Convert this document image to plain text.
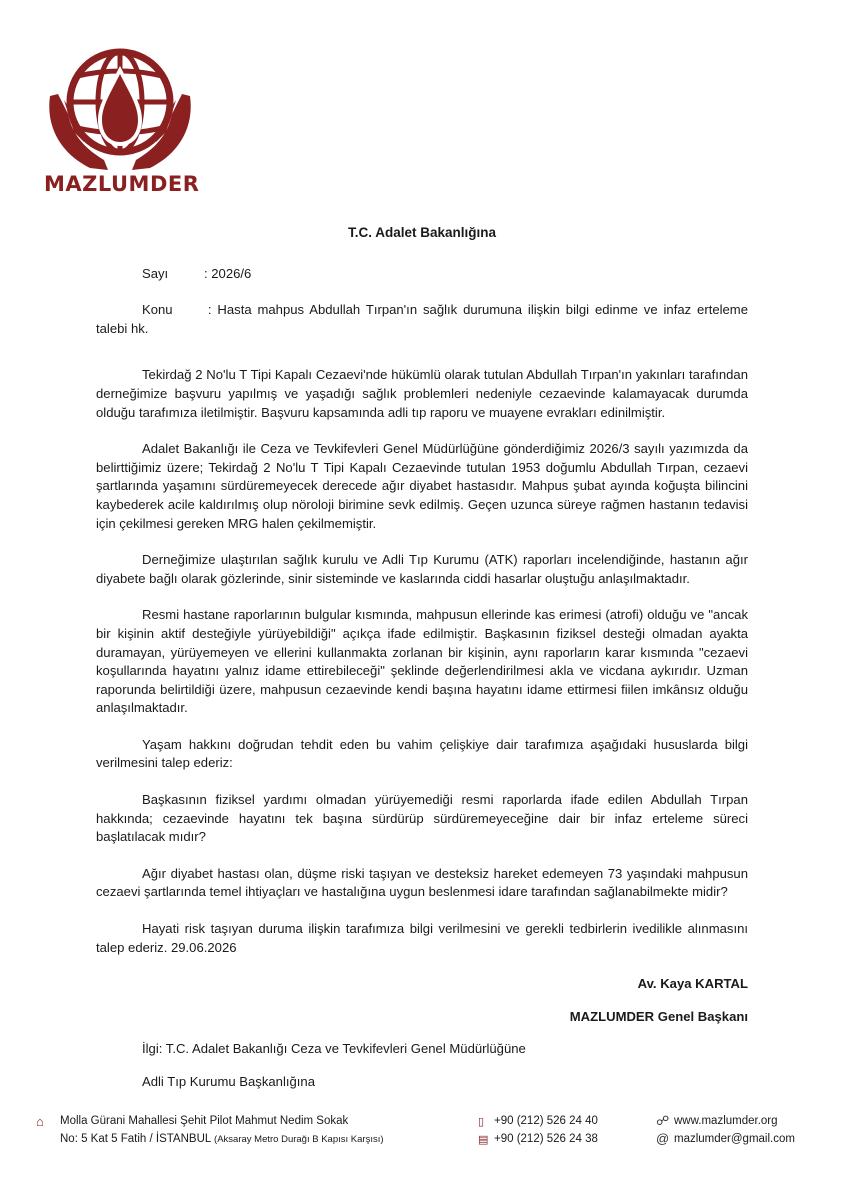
MAZLUMDER
T.C. Adalet Bakanlığına
Sayı	: 2026/6

Konu	: Hasta mahpus Abdullah Tırpan'ın sağlık durumuna ilişkin bilgi edinme ve infaz erteleme talebi hk.

Tekirdağ 2 No'lu T Tipi Kapalı Cezaevi'nde hükümlü olarak tutulan Abdullah Tırpan'ın yakınları tarafından derneğimize başvuru yapılmış ve yaşadığı sağlık problemleri nedeniyle cezaevinde kalamayacak durumda olduğu tarafımıza iletilmiştir. Başvuru kapsamında adli tıp raporu ve muayene evrakları edinilmiştir.

Adalet Bakanlığı ile Ceza ve Tevkifevleri Genel Müdürlüğüne gönderdiğimiz 2026/3 sayılı yazımızda da belirttiğimiz üzere; Tekirdağ 2 No'lu T Tipi Kapalı Cezaevinde tutulan 1953 doğumlu Abdullah Tırpan, cezaevi şartlarında yaşamını sürdüremeyecek derecede ağır diyabet hastasıdır. Mahpus şubat ayında koğuşta bilincini kaybederek acile kaldırılmış olup nöroloji birimine sevk edilmiş. Geçen uzunca süreye rağmen hastanın tedavisi için çekilmesi gereken MRG halen çekilmemiştir.

Derneğimize ulaştırılan sağlık kurulu ve Adli Tıp Kurumu (ATK) raporları incelendiğinde, hastanın ağır diyabete bağlı olarak gözlerinde, sinir sisteminde ve kaslarında ciddi hasarlar oluştuğu anlaşılmaktadır.

Resmi hastane raporlarının bulgular kısmında, mahpusun ellerinde kas erimesi (atrofi) olduğu ve "ancak bir kişinin aktif desteğiyle yürüyebildiği" açıkça ifade edilmiştir. Başkasının fiziksel desteği olmadan ayakta duramayan, yürüyemeyen ve ellerini kullanmakta zorlanan bir kişinin, aynı raporların karar kısmında "cezaevi koşullarında hayatını yalnız idame ettirebileceği" şeklinde değerlendirilmesi akla ve vicdana aykırıdır. Uzman raporunda belirtildiği üzere, mahpusun cezaevinde kendi başına hayatını idame ettirmesi fiilen imkânsız olduğu anlaşılmaktadır.

Yaşam hakkını doğrudan tehdit eden bu vahim çelişkiye dair tarafımıza aşağıdaki hususlarda bilgi verilmesini talep ederiz:

Başkasının fiziksel yardımı olmadan yürüyemediği resmi raporlarda ifade edilen Abdullah Tırpan hakkında; cezaevinde hayatını tek başına sürdürüp sürdüremeyeceğine dair bir infaz erteleme süreci başlatılacak mıdır?

Ağır diyabet hastası olan, düşme riski taşıyan ve desteksiz hareket edemeyen 73 yaşındaki mahpusun cezaevi şartlarında temel ihtiyaçları ve hastalığına uygun beslenmesi idare tarafından sağlanabilmekte midir?

Hayati risk taşıyan duruma ilişkin tarafımıza bilgi verilmesini ve gerekli tedbirlerin ivedilikle alınmasını talep ederiz. 29.06.2026

Av. Kaya KARTAL

MAZLUMDER Genel Başkanı

İlgi: T.C. Adalet Bakanlığı Ceza ve Tevkifevleri Genel Müdürlüğüne

Adli Tıp Kurumu Başkanlığına

⌂	Molla Gürani Mahallesi Şehit Pilot Mahmut Nedim Sokak
No: 5 Kat 5 Fatih / İSTANBUL (Aksaray Metro Durağı B Kapısı Karşısı)
▯ +90 (212) 526 24 40
▤ +90 (212) 526 24 38
☍ www.mazlumder.org
@ mazlumder@gmail.com
